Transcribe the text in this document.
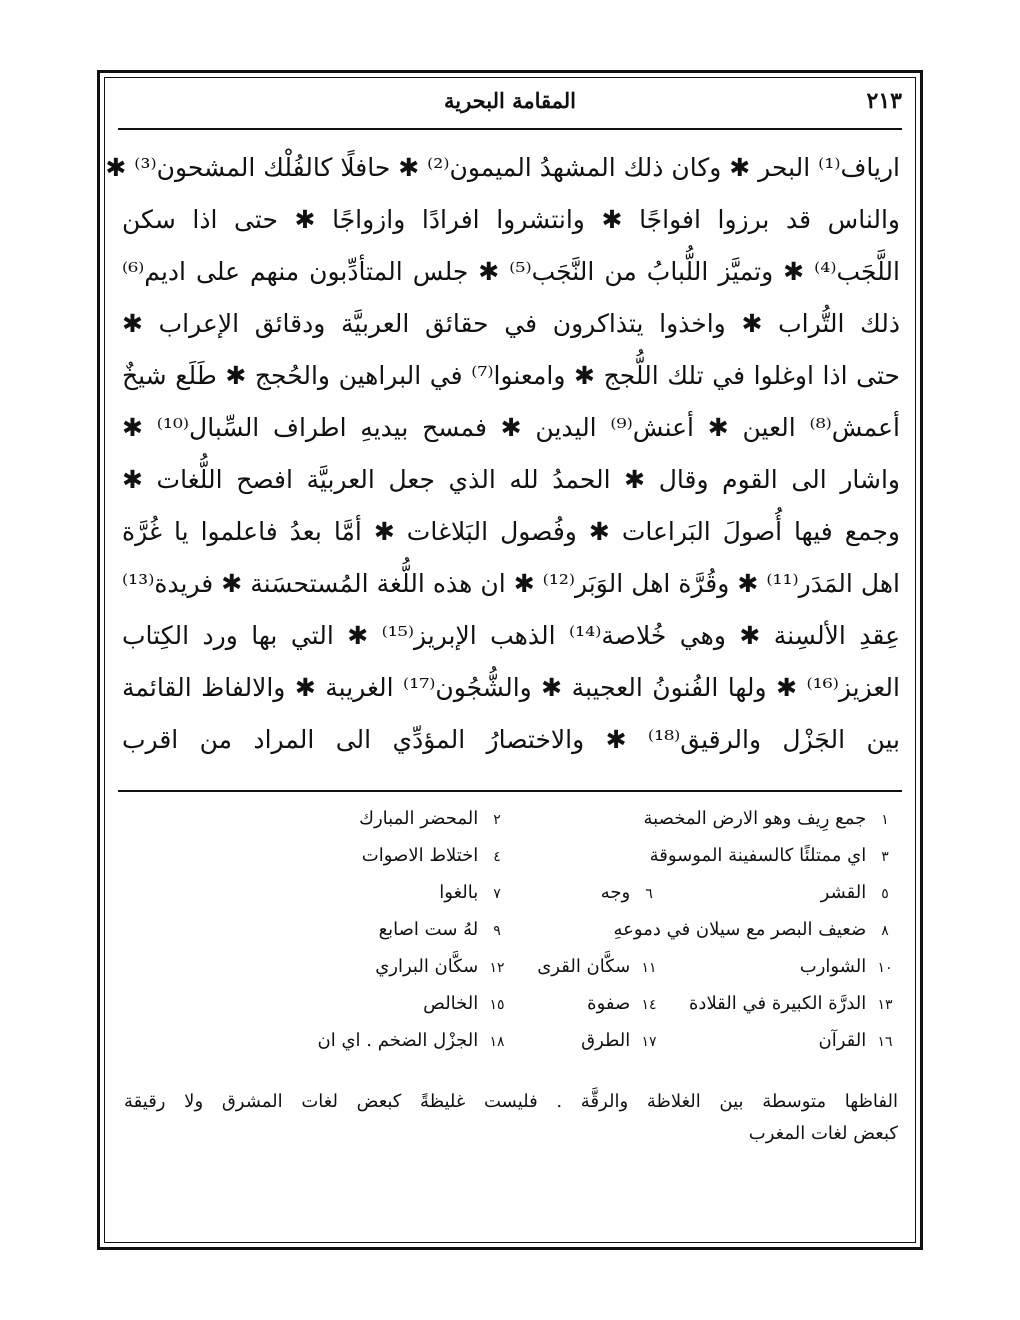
٢١٣
المقامة البحرية
ارياف⁽¹⁾ البحر ✱ وكان ذلك المشهدُ الميمون⁽²⁾ ✱ حافلًا كالفُلْك المشحون⁽³⁾ ✱
والناس قد برزوا افواجًا ✱ وانتشروا افرادًا وازواجًا ✱ حتى اذا سكن
اللَّجَب⁽⁴⁾ ✱ وتميَّز اللُّبابُ من النَّجَب⁽⁵⁾ ✱ جلس المتأدِّبون منهم على اديم⁽⁶⁾
ذلك التُّراب ✱ واخذوا يتذاكرون في حقائق العربيَّة ودقائق الإعراب ✱
حتى اذا اوغلوا في تلك اللُّجج ✱ وامعنوا⁽⁷⁾ في البراهين والحُجج ✱ طَلَع شيخٌ
أعمش⁽⁸⁾ العين ✱ أعنش⁽⁹⁾ اليدين ✱ فمسح بيديهِ اطراف السِّبال⁽¹⁰⁾ ✱
واشار الى القوم وقال ✱ الحمدُ لله الذي جعل العربيَّة افصح اللُّغات ✱
وجمع فيها أُصولَ البَراعات ✱ وفُصول البَلاغات ✱ أمَّا بعدُ فاعلموا يا غُرَّة
اهل المَدَر⁽¹¹⁾ ✱ وقُرَّة اهل الوَبَر⁽¹²⁾ ✱ ان هذه اللُّغة المُستحسَنة ✱ فريدة⁽¹³⁾
عِقدِ الألسِنة ✱ وهي خُلاصة⁽¹⁴⁾ الذهب الإبريز⁽¹⁵⁾ ✱ التي بها ورد الكِتاب
العزيز⁽¹⁶⁾ ✱ ولها الفُنونُ العجيبة ✱ والشُّجُون⁽¹⁷⁾ الغريبة ✱ والالفاظ القائمة
بين الجَزْل والرقيق⁽¹⁸⁾ ✱ والاختصارُ المؤدِّي الى المراد من اقرب
١ جمع رِيف وهو الارض المخصبة
٢ المحضر المبارك
٣ اي ممتلئًا كالسفينة الموسوقة
٤ اختلاط الاصوات
٥ القشر
٦ وجه
٧ بالغوا
٨ ضعيف البصر مع سيلان في دموعهِ
٩ لهُ ست اصابع
١٠ الشوارب
١١ سكَّان القرى
١٢ سكَّان البراري
١٣ الدرَّة الكبيرة في القلادة
١٤ صفوة
١٥ الخالص
١٦ القرآن
١٧ الطرق
١٨ الجزْل الضخم . اي ان
الفاظها متوسطة بين الغلاظة والرقَّة . فليست غليظةً كبعض لغات المشرق ولا رقيقة
كبعض لغات المغرب
